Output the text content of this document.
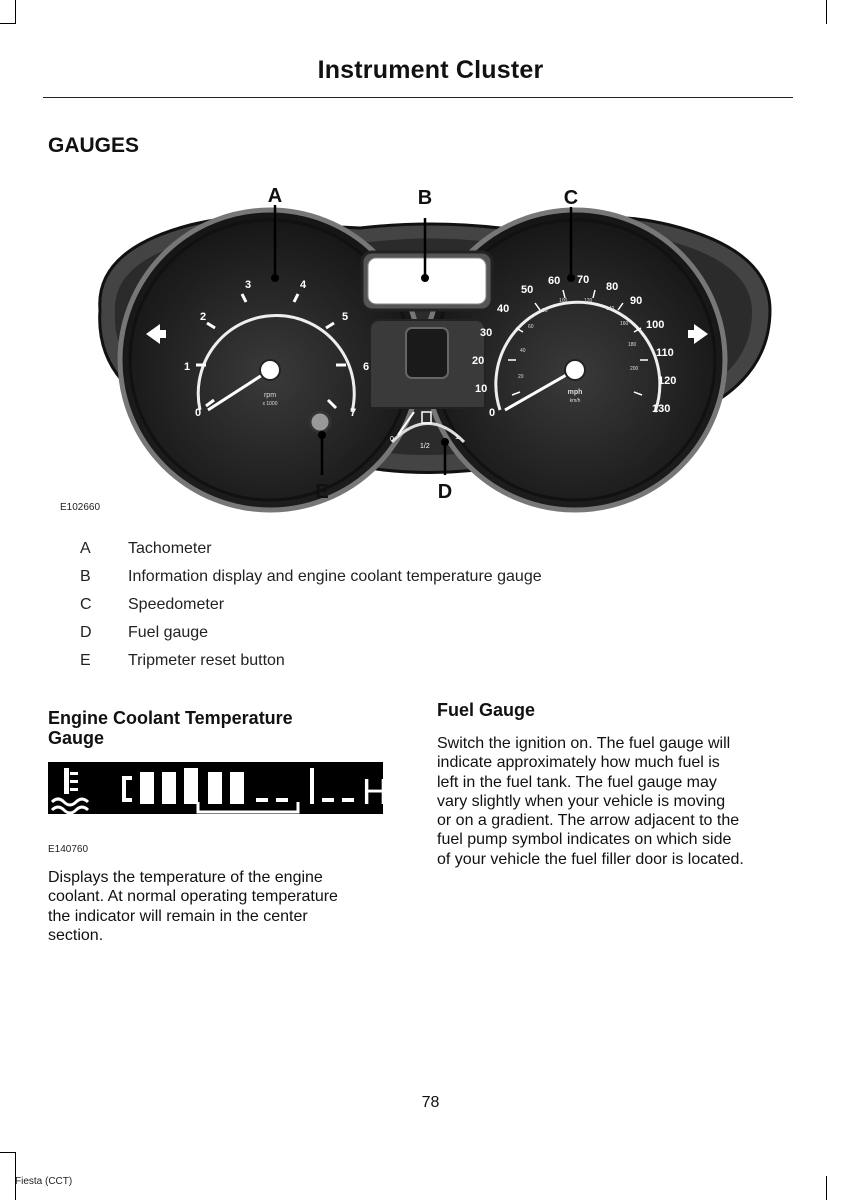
Instrument Cluster
GAUGES
0
1/2
1
0
1
2
3	4
5
6
7
rpm
x 1000
0
10
20
30
40
50
60 70
80
90
100
110
120
130
20
40
60
80
100	120
140
160
180
200
mph
km/h
A	B	C
E	D
E102660
A Tachometer
B Information display and engine coolant temperature gauge
C Speedometer
D Fuel gauge
E Tripmeter reset button
Engine Coolant Temperature
Gauge
H
E140760
Displays the temperature of the engine
coolant. At normal operating temperature
the indicator will remain in the center
section.
Fuel Gauge
Switch the ignition on. The fuel gauge will
indicate approximately how much fuel is
left in the fuel tank. The fuel gauge may
vary slightly when your vehicle is moving
or on a gradient. The arrow adjacent to the
fuel pump symbol indicates on which side
of your vehicle the fuel filler door is located.
78
Fiesta (CCT)
